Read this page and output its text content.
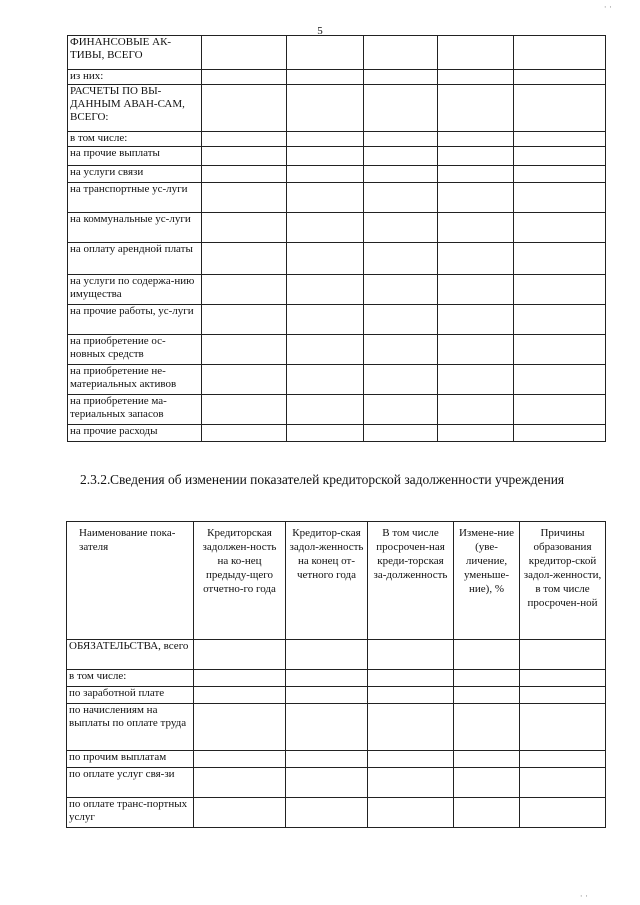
5
ФИНАНСОВЫЕ АК-ТИВЫ, ВСЕГО					
из них:					
РАСЧЕТЫ ПО ВЫ-ДАННЫМ АВАН-САМ, ВСЕГО:					
в том числе:					
на прочие выплаты					
на услуги связи					
на транспортные ус-луги					
на коммунальные ус-луги					
на оплату арендной платы					
на услуги по содержа-нию имущества					
на прочие работы, ус-луги					
на приобретение ос-новных средств					
на приобретение не-материальных активов					
на приобретение ма-териальных запасов					
на прочие расходы					

2.3.2.Сведения об изменении показателей кредиторской задолженности учреждения

Наименование пока-зателя	Кредиторская задолжен-ность на ко-нец предыду-щего отчетно-го года	Кредитор-ская задол-женность на конец от-четного года	В том числе просрочен-ная креди-торская за-долженность	Измене-ние (уве-личение, уменьше-ние), %	Причины образования кредитор-ской задол-женности, в том числе просрочен-ной
ОБЯЗАТЕЛЬСТВА, всего					
в том числе:					
по заработной плате					
по начислениям на выплаты по оплате труда					
по прочим выплатам					
по оплате услуг свя-зи					
по оплате транс-портных услуг					
· ·
· ·
